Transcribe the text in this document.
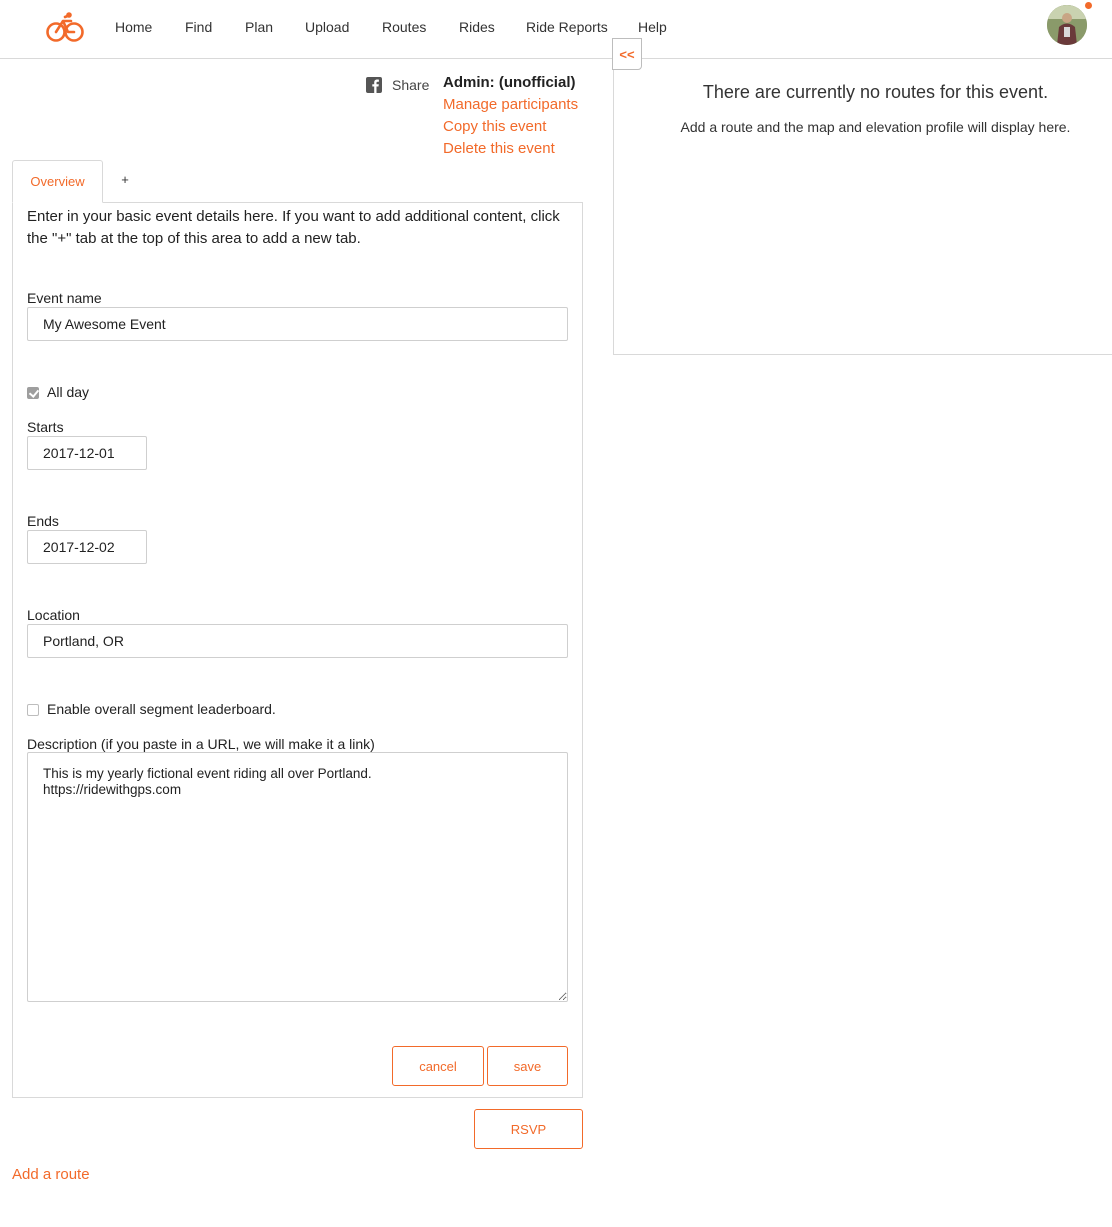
Home Find Plan Upload Routes Rides Ride Reports Help
Share Admin: (unofficial)
Manage participants
Copy this event
Delete this event
Overview	+
Enter in your basic event details here. If you want to add additional content, click the "+" tab at the top of this area to add a new tab.
Event name
My Awesome Event
All day
Starts
2017-12-01
Ends
2017-12-02
Location
Portland, OR
Enable overall segment leaderboard.
Description (if you paste in a URL, we will make it a link)
This is my yearly fictional event riding all over Portland. https://ridewithgps.com
cancel	save
RSVP
Add a route
There are currently no routes for this event.
Add a route and the map and elevation profile will display here.
<<
